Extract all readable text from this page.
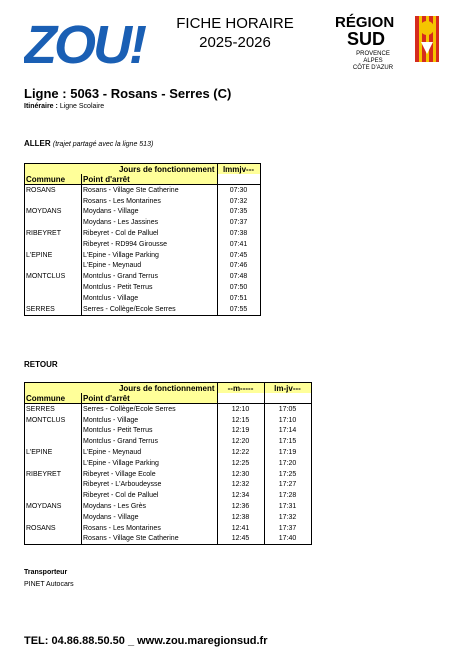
ZOU!	FICHE HORAIRE
2025-2026
RÉGION
SUD
PROVENCE
ALPES
CÔTE D'AZUR
Ligne : 5063 - Rosans - Serres (C)
Itinéraire : Ligne Scolaire
ALLER (trajet partagé avec la ligne 513)
	Jours de fonctionnement	lmmjv---
Commune	Point d'arrêt	
ROSANS	Rosans - Village Ste Catherine	07:30
	Rosans - Les Montarines	07:32
MOYDANS	Moydans - Village	07:35
	Moydans - Les Jassines	07:37
RIBEYRET	Ribeyret - Col de Palluel	07:38
	Ribeyret - RD994 Girousse	07:41
L'EPINE	L'Epine - Village Parking	07:45
	L'Epine - Meynaud	07:46
MONTCLUS	Montclus - Grand Terrus	07:48
	Montclus - Petit Terrus	07:50
	Montclus - Village	07:51
SERRES	Serres - Collège/Ecole Serres	07:55
RETOUR
	Jours de fonctionnement	--m-----	lm-jv---
Commune	Point d'arrêt		
SERRES	Serres - Collège/Ecole Serres	12:10	17:05
MONTCLUS	Montclus - Village	12:15	17:10
	Montclus - Petit Terrus	12:19	17:14
	Montclus - Grand Terrus	12:20	17:15
L'EPINE	L'Epine - Meynaud	12:22	17:19
	L'Epine - Village Parking	12:25	17:20
RIBEYRET	Ribeyret - Village Ecole	12:30	17:25
	Ribeyret - L'Arboudeysse	12:32	17:27
	Ribeyret - Col de Palluel	12:34	17:28
MOYDANS	Moydans - Les Grès	12:36	17:31
	Moydans - Village	12:38	17:32
ROSANS	Rosans - Les Montarines	12:41	17:37
	Rosans - Village Ste Catherine	12:45	17:40
Transporteur
PINET Autocars
TEL: 04.86.88.50.50 _ www.zou.maregionsud.fr
